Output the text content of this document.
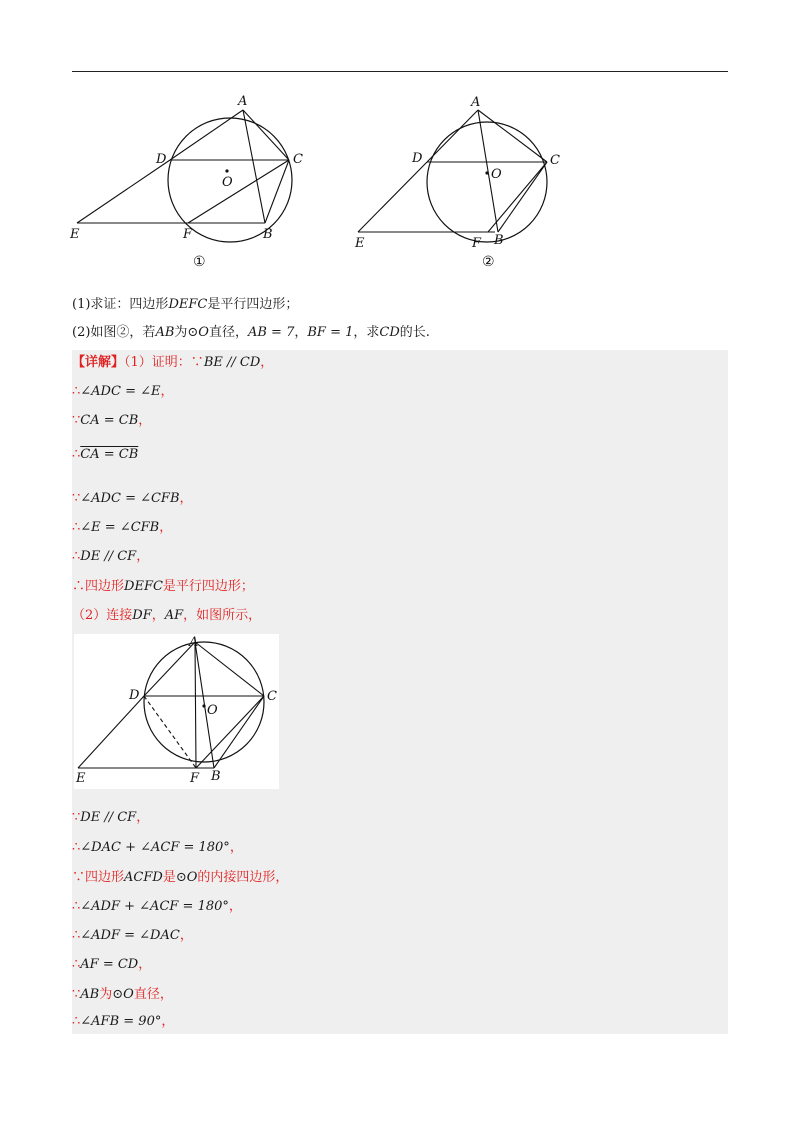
A
D	C
O
E	F	B
①
A
D	C
O
E	F B
②
(1)求证：四边形DEFC是平行四边形；
(2)如图②，若AB为⊙O直径，AB = 7，BF = 1，求CD的长.
【详解】（1）证明：∵BE // CD，
∴∠ADC = ∠E，
∵CA = CB，
∴CA = CB
∵∠ADC = ∠CFB，
∴∠E = ∠CFB，
∴DE // CF，
∴四边形DEFC是平行四边形；
（2）连接DF，AF，如图所示，
A
D	C
O
E	F B
∵DE // CF，
∴∠DAC + ∠ACF = 180°，
∵四边形ACFD是⊙O的内接四边形，
∴∠ADF + ∠ACF = 180°，
∴∠ADF = ∠DAC，
∴AF = CD，
∵AB为⊙O直径，
∴∠AFB = 90°，
